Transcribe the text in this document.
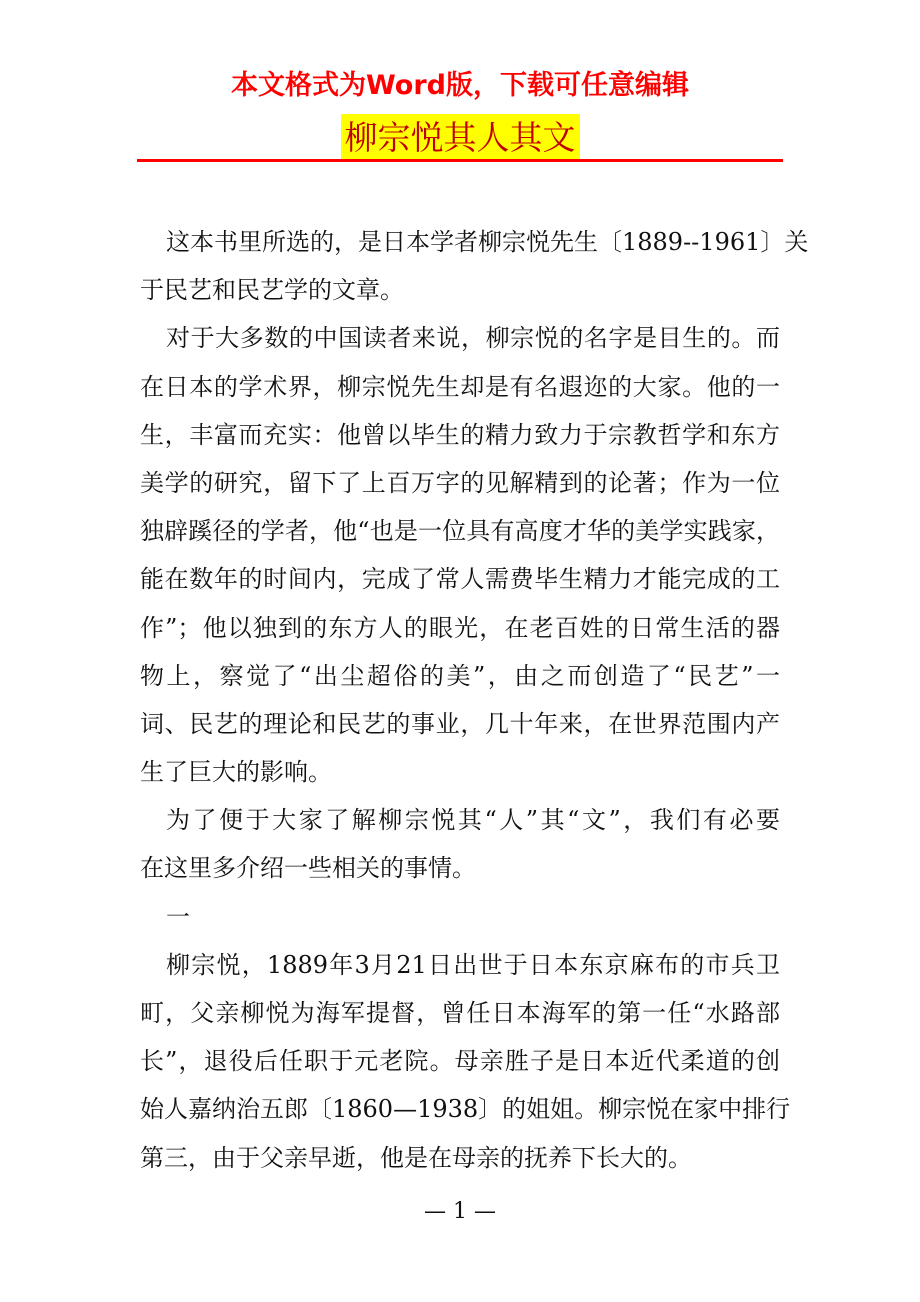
本文格式为Word版，下载可任意编辑
柳宗悦其人其文
这本书里所选的，是日本学者柳宗悦先生〔1889--1961〕关
于民艺和民艺学的文章。
对于大多数的中国读者来说，柳宗悦的名字是目生的。而
在日本的学术界，柳宗悦先生却是有名遐迩的大家。他的一
生，丰富而充实：他曾以毕生的精力致力于宗教哲学和东方
美学的研究，留下了上百万字的见解精到的论著；作为一位
独辟蹊径的学者，他“也是一位具有高度才华的美学实践家，
能在数年的时间内，完成了常人需费毕生精力才能完成的工
作”；他以独到的东方人的眼光，在老百姓的日常生活的器
物上，察觉了“出尘超俗的美”，由之而创造了“民艺”一
词、民艺的理论和民艺的事业，几十年来，在世界范围内产
生了巨大的影响。
为了便于大家了解柳宗悦其“人”其“文”，我们有必要
在这里多介绍一些相关的事情。
一
柳宗悦，1889年3月21日出世于日本东京麻布的市兵卫
町，父亲柳悦为海军提督，曾任日本海军的第一任“水路部
长”，退役后任职于元老院。母亲胜子是日本近代柔道的创
始人嘉纳治五郎〔1860—1938〕的姐姐。柳宗悦在家中排行
第三，由于父亲早逝，他是在母亲的抚养下长大的。
— 1 —
